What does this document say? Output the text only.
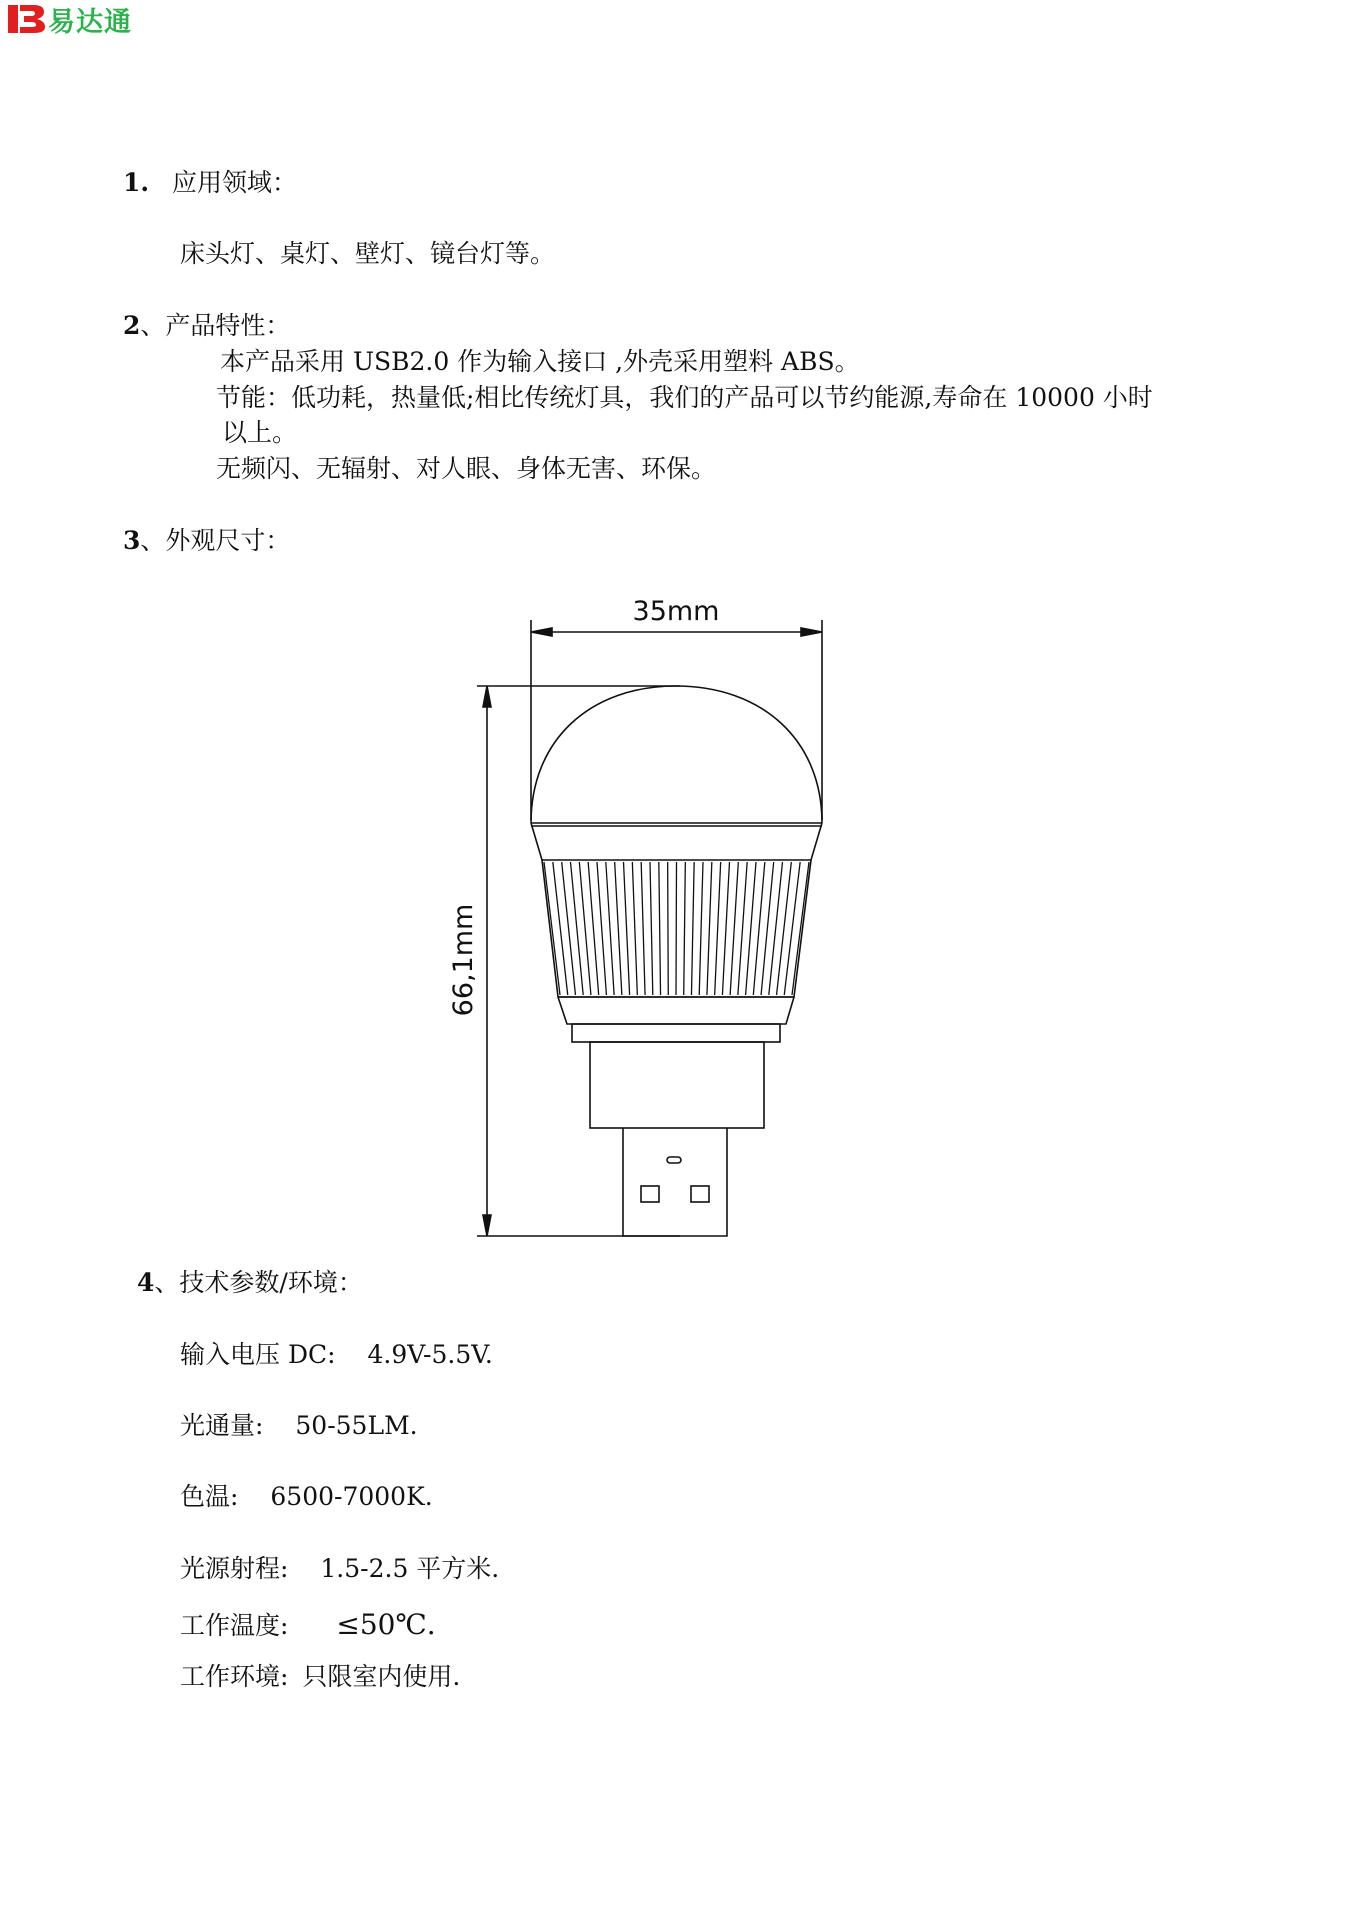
易达通
1. 应用领域：
床头灯、桌灯、壁灯、镜台灯等。
2、产品特性：
本产品采用 USB2.0 作为输入接口 ,外壳采用塑料 ABS。
节能：低功耗，热量低;相比传统灯具，我们的产品可以节约能源,寿命在 10000 小时
以上。
无频闪、无辐射、对人眼、身体无害、环保。
3、外观尺寸：
35mm
66,1mm
4、技术参数/环境：
输入电压 DC: 4.9V-5.5V.
光通量: 50-55LM.
色温: 6500-7000K.
光源射程: 1.5-2.5 平方米.
工作温度: ≤50℃.
工作环境: 只限室内使用.
